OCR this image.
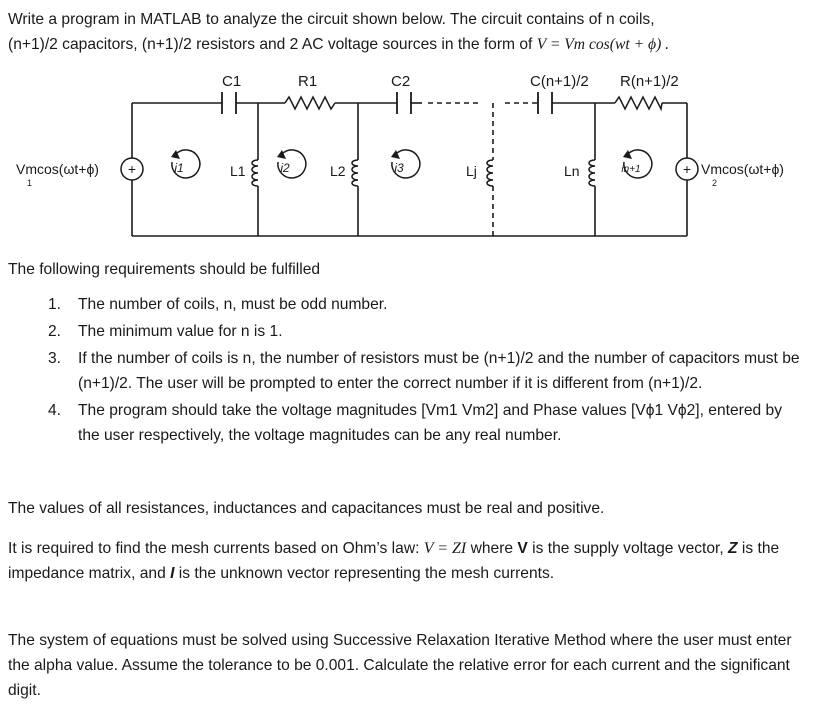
Write a program in MATLAB to analyze the circuit shown below. The circuit contains of n coils,
(n+1)/2 capacitors, (n+1)/2 resistors and 2 AC voltage sources in the form of V = Vm cos(wt + ϕ) .

+	+
C1	R1	C2	C(n+1)/2 R(n+1)/2
L1	L2	Lj	Ln
i1	i2	i3	in+1
Vmcos(ωt+ϕ)
1
Vmcos(ωt+ϕ)
2

The following requirements should be fulfilled

1. The number of coils, n, must be odd number.
2. The minimum value for n is 1.
3. If the number of coils is n, the number of resistors must be (n+1)/2 and the number of capacitors must be (n+1)/2. The user will be prompted to enter the correct number if it is different from (n+1)/2.
4. The program should take the voltage magnitudes [Vm1 Vm2] and Phase values [Vϕ1 Vϕ2], entered by the user respectively, the voltage magnitudes can be any real number.

The values of all resistances, inductances and capacitances must be real and positive.

It is required to find the mesh currents based on Ohm’s law: V = ZI where V is the supply voltage vector, Z is the impedance matrix, and I is the unknown vector representing the mesh currents.

The system of equations must be solved using Successive Relaxation Iterative Method where the user must enter the alpha value. Assume the tolerance to be 0.001. Calculate the relative error for each current and the significant digit.
